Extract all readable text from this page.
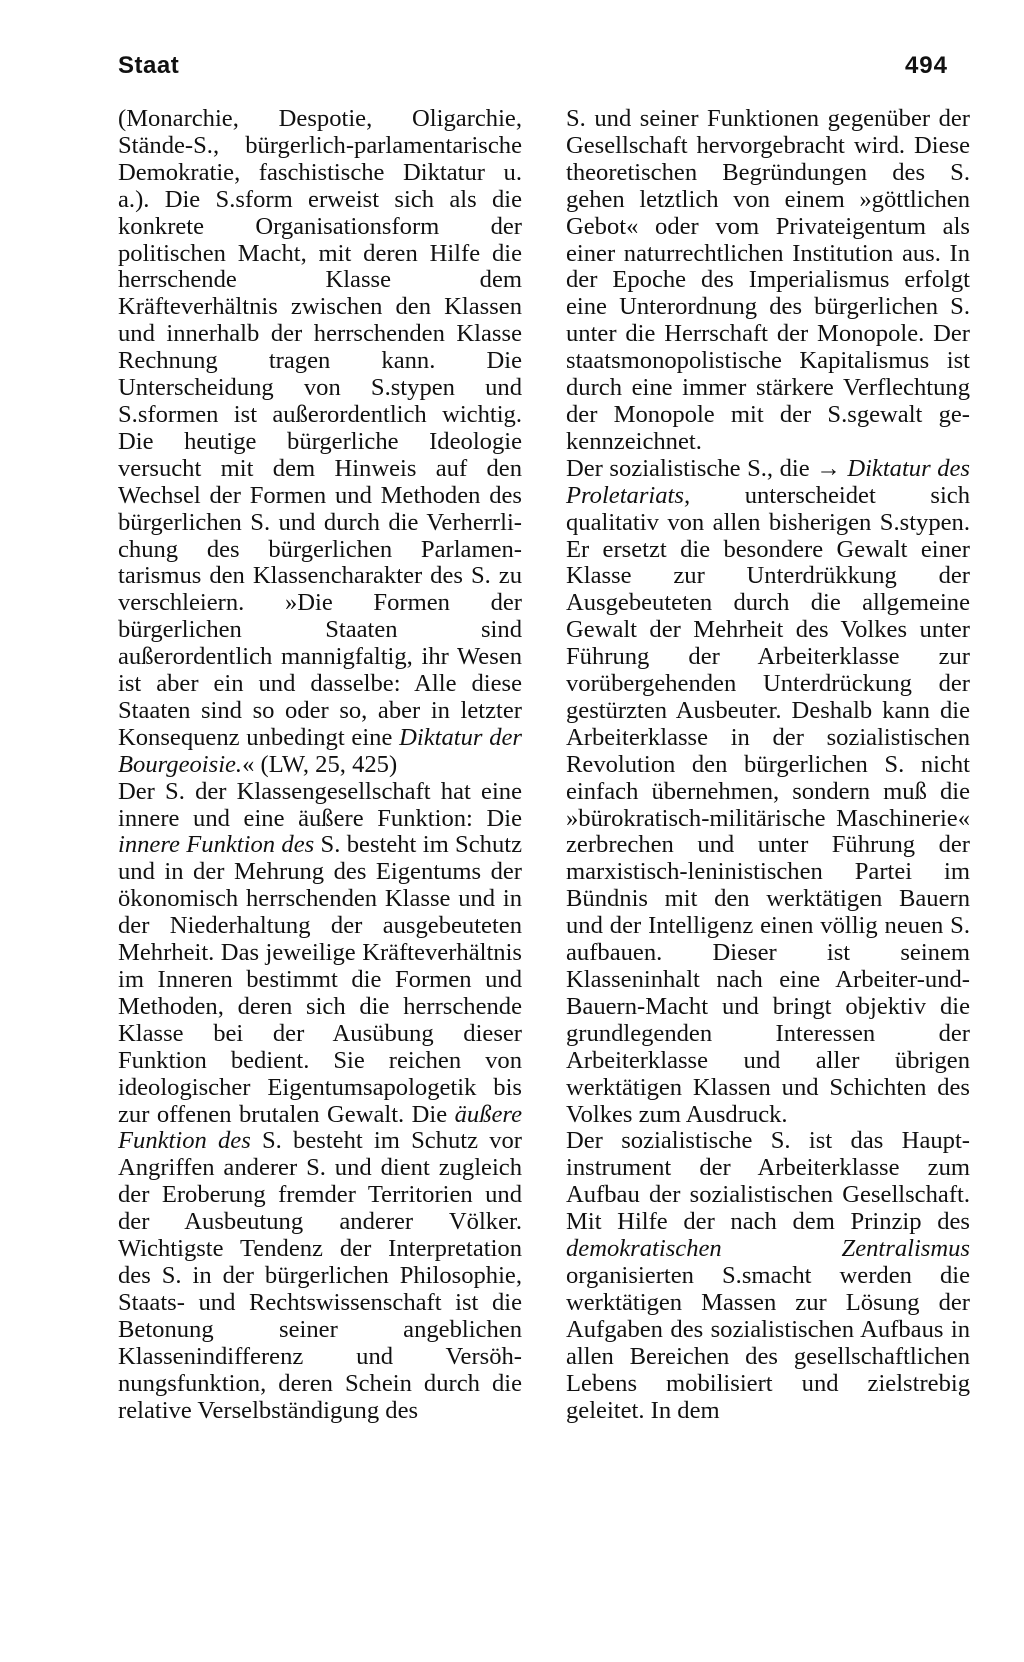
Staat	494

(Monarchie, Despotie, Oligarchie, Stände-S., bürgerlich-parlamentarische Demokratie, faschistische Diktatur u. a.). Die S.sform erweist sich als die konkrete Organisationsform der politischen Macht, mit deren Hilfe die herrschende Klasse dem Kräfteverhältnis zwischen den Klassen und innerhalb der herrschenden Klasse Rechnung tragen kann. Die Unterscheidung von S.stypen und S.sformen ist außerordentlich wichtig. Die heutige bürgerliche Ideologie versucht mit dem Hinweis auf den Wechsel der Formen und Methoden des bürgerlichen S. und durch die Verherrlichung des bürgerlichen Parlamentarismus den Klassencharakter des S. zu verschleiern. »Die Formen der bürgerlichen Staaten sind außerordentlich mannigfaltig, ihr Wesen ist aber ein und dasselbe: Alle diese Staaten sind so oder so, aber in letzter Konsequenz unbedingt eine Diktatur der Bourgeoisie.« (LW, 25, 425)

Der S. der Klassengesellschaft hat eine innere und eine äußere Funktion: Die innere Funktion des S. besteht im Schutz und in der Mehrung des Eigentums der ökonomisch herrschenden Klasse und in der Niederhaltung der ausgebeuteten Mehrheit. Das jeweilige Kräfteverhältnis im Inneren bestimmt die Formen und Methoden, deren sich die herrschende Klasse bei der Ausübung dieser Funktion bedient. Sie reichen von ideologischer Eigentumsapologetik bis zur offenen brutalen Gewalt. Die äußere Funktion des S. besteht im Schutz vor Angriffen anderer S. und dient zugleich der Eroberung fremder Territorien und der Ausbeutung anderer Völker. Wichtigste Tendenz der Interpretation des S. in der bürgerlichen Philosophie, Staats- und Rechtswissenschaft ist die Betonung seiner angeblichen Klassenindifferenz und Versöhnungsfunktion, deren Schein durch die relative Verselbständigung des

S. und seiner Funktionen gegenüber der Gesellschaft hervorgebracht wird. Diese theoretischen Begründungen des S. gehen letztlich von einem »göttlichen Gebot« oder vom Privateigentum als einer naturrechtlichen Institution aus. In der Epoche des Imperialismus erfolgt eine Unterordnung des bürgerlichen S. unter die Herrschaft der Monopole. Der staatsmonopolistische Kapitalismus ist durch eine immer stärkere Verflechtung der Monopole mit der S.sgewalt gekennzeichnet.

Der sozialistische S., die → Diktatur des Proletariats, unterscheidet sich qualitativ von allen bisherigen S.stypen. Er ersetzt die besondere Gewalt einer Klasse zur Unterdrükkung der Ausgebeuteten durch die allgemeine Gewalt der Mehrheit des Volkes unter Führung der Arbeiterklasse zur vorübergehenden Unterdrückung der gestürzten Ausbeuter. Deshalb kann die Arbeiterklasse in der sozialistischen Revolution den bürgerlichen S. nicht einfach übernehmen, sondern muß die »bürokratisch-militärische Maschinerie« zerbrechen und unter Führung der marxistisch-leninistischen Partei im Bündnis mit den werktätigen Bauern und der Intelligenz einen völlig neuen S. aufbauen. Dieser ist seinem Klasseninhalt nach eine Arbeiter-und-Bauern-Macht und bringt objektiv die grundlegenden Interessen der Arbeiterklasse und aller übrigen werktätigen Klassen und Schichten des Volkes zum Ausdruck.

Der sozialistische S. ist das Hauptinstrument der Arbeiterklasse zum Aufbau der sozialistischen Gesellschaft. Mit Hilfe der nach dem Prinzip des demokratischen Zentralismus organisierten S.smacht werden die werktätigen Massen zur Lösung der Aufgaben des sozialistischen Aufbaus in allen Bereichen des gesellschaftlichen Lebens mobilisiert und zielstrebig geleitet. In dem
